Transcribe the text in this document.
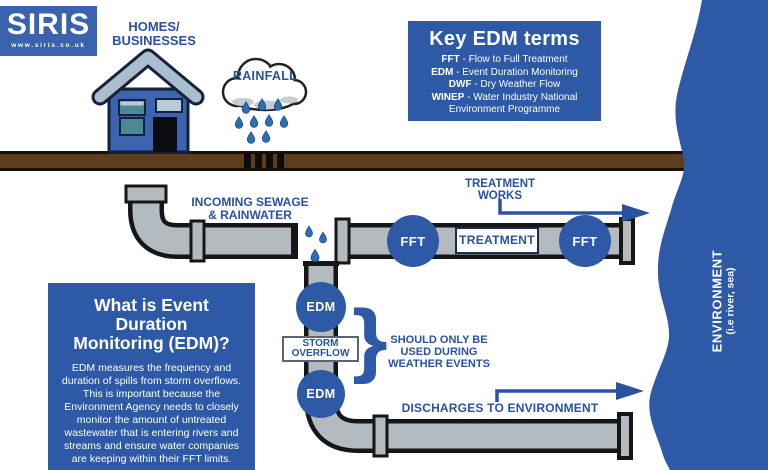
SIRIS
www.siris.co.uk
HOMES/
BUSINESSES
RAINFALL
Key EDM terms
FFT - Flow to Full Treatment
EDM - Event Duration Monitoring
DWF - Dry Weather Flow
WINEP - Water Industry National Environment Programme
INCOMING SEWAGE
& RAINWATER
TREATMENT
WORKS
FFT	TREATMENT	FFT
EDM
EDM
STORM
OVERFLOW } SHOULD ONLY BE
USED DURING
WEATHER EVENTS
DISCHARGES TO ENVIRONMENT
What is Event
Duration
Monitoring (EDM)?
EDM measures the frequency and duration of spills from storm overflows. This is important because the Environment Agency needs to closely monitor the amount of untreated wastewater that is entering rivers and streams and ensure water companies are keeping within their FFT limits.
ENVIRONMENT (i.e river, sea)
